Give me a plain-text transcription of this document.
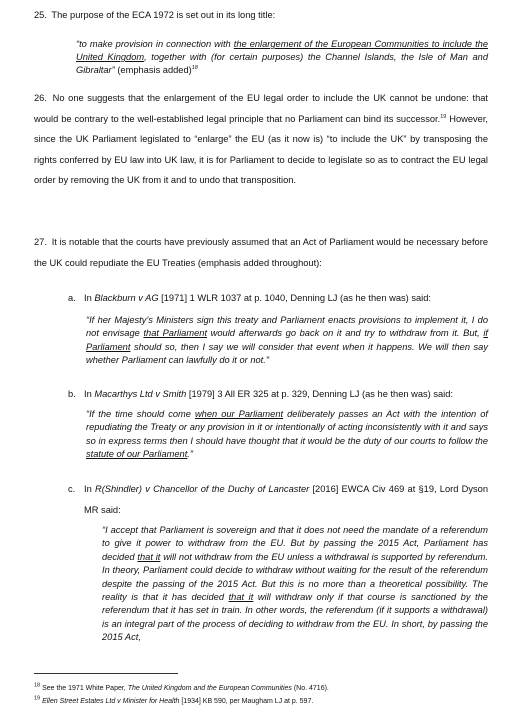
25. The purpose of the ECA 1972 is set out in its long title:
“to make provision in connection with the enlargement of the European Communities to include the United Kingdom, together with (for certain purposes) the Channel Islands, the Isle of Man and Gibraltar” (emphasis added)$^{18}$
26. No one suggests that the enlargement of the EU legal order to include the UK cannot be undone: that would be contrary to the well-established legal principle that no Parliament can bind its successor.$^{19}$ However, since the UK Parliament legislated to “enlarge” the EU (as it now is) “to include the UK” by transposing the rights conferred by EU law into UK law, it is for Parliament to decide to legislate so as to contract the EU legal order by removing the UK from it and to undo that transposition.
27. It is notable that the courts have previously assumed that an Act of Parliament would be necessary before the UK could repudiate the EU Treaties (emphasis added throughout):
a. In Blackburn v AG [1971] 1 WLR 1037 at p. 1040, Denning LJ (as he then was) said:
“If her Majesty’s Ministers sign this treaty and Parliament enacts provisions to implement it, I do not envisage that Parliament would afterwards go back on it and try to withdraw from it. But, if Parliament should so, then I say we will consider that event when it happens. We will then say whether Parliament can lawfully do it or not.”
b. In Macarthys Ltd v Smith [1979] 3 All ER 325 at p. 329, Denning LJ (as he then was) said:
“If the time should come when our Parliament deliberately passes an Act with the intention of repudiating the Treaty or any provision in it or intentionally of acting inconsistently with it and says so in express terms then I should have thought that it would be the duty of our courts to follow the statute of our Parliament.”
c. In R(Shindler) v Chancellor of the Duchy of Lancaster [2016] EWCA Civ 469 at §19, Lord Dyson MR said:
“I accept that Parliament is sovereign and that it does not need the mandate of a referendum to give it power to withdraw from the EU. But by passing the 2015 Act, Parliament has decided that it will not withdraw from the EU unless a withdrawal is supported by referendum. In theory, Parliament could decide to withdraw without waiting for the result of the referendum despite the passing of the 2015 Act. But this is no more than a theoretical possibility. The reality is that it has decided that it will withdraw only if that course is sanctioned by the referendum that it has set in train. In other words, the referendum (if it supports a withdrawal) is an integral part of the process of deciding to withdraw from the EU. In short, by passing the 2015 Act,
$^{18}$ See the 1971 White Paper, The United Kingdom and the European Communities (No. 4716).
$^{19}$ Ellen Street Estates Ltd v Minister for Health [1934] KB 590, per Maugham LJ at p. 597.
